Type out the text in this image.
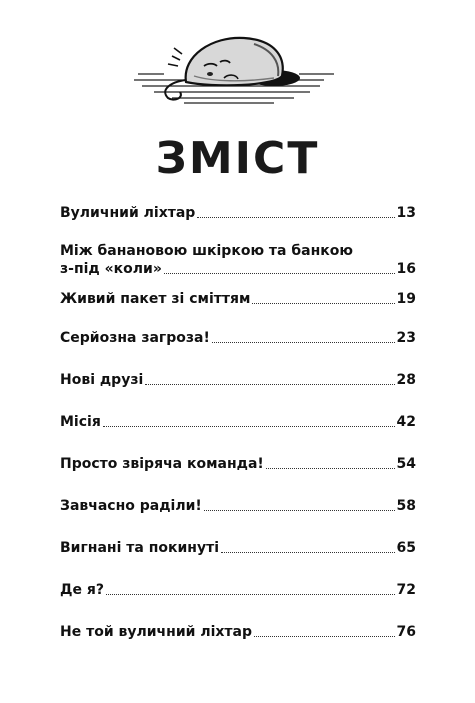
ЗМІСТ
Вуличний ліхтар	13
Між банановою шкіркою та банкою
з-під «коли»	16
Живий пакет зі сміттям	19
Серйозна загроза!	23
Нові друзі	28
Місія	42
Просто звіряча команда!	54
Завчасно раділи!	58
Вигнані та покинуті	65
Де я?	72
Не той вуличний ліхтар	76
